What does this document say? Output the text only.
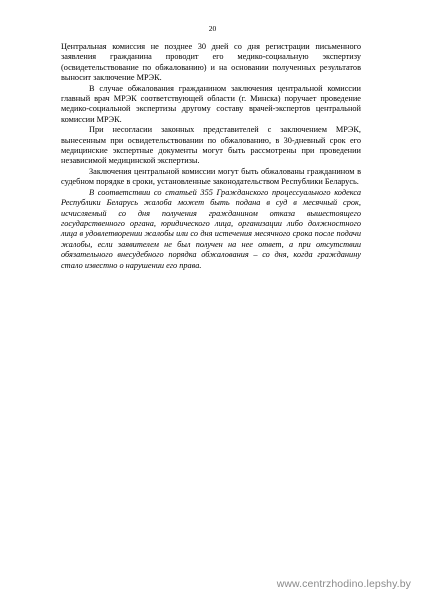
20

Центральная комиссия не позднее 30 дней со дня регистрации письменного заявления гражданина проводит его медико-социальную экспертизу (освидетельствование по обжалованию) и на основании полученных результатов выносит заключение МРЭК.

В случае обжалования гражданином заключения центральной комиссии главный врач МРЭК соответствующей области (г. Минска) поручает проведение медико-социальной экспертизы другому составу врачей-экспертов центральной комиссии МРЭК.

При несогласии законных представителей с заключением МРЭК, вынесенным при освидетельствовании по обжалованию, в 30-дневный срок его медицинские экспертные документы могут быть рассмотрены при проведении независимой медицинской экспертизы.

Заключения центральной комиссии могут быть обжалованы гражданином в судебном порядке в сроки, установленные законодательством Республики Беларусь.

В соответствии со статьей 355 Гражданского процессуального кодекса Республики Беларусь жалоба может быть подана в суд в месячный срок, исчисляемый со дня получения гражданином отказа вышестоящего государственного органа, юридического лица, организации либо должностного лица в удовлетворении жалобы или со дня истечения месячного срока после подачи жалобы, если заявителем не был получен на нее ответ, а при отсутствии обязательного внесудебного порядка обжалования – со дня, когда гражданину стало известно о нарушении его права.

www.centrzhodino.lepshy.by
